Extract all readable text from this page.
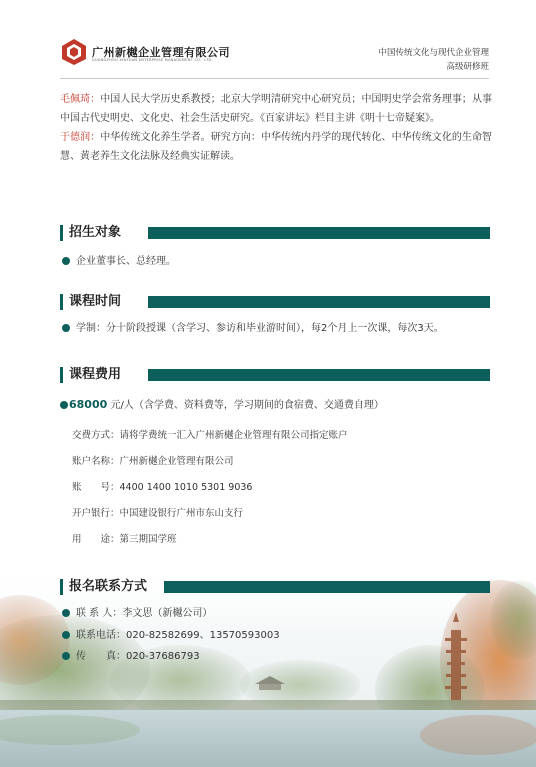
广州新樾企业管理有限公司
GUANGZHOU XINYUAN ENTERPRISE MANAGEMENT CO., LTD.
中国传统文化与现代企业管理
高级研修班

毛佩琦：中国人民大学历史系教授；北京大学明清研究中心研究员；中国明史学会常务理事；从事中国古代史明史、文化史、社会生活史研究。《百家讲坛》栏目主讲《明十七帝疑案》。

于德润：中华传统文化养生学者。研究方向：中华传统内丹学的现代转化、中华传统文化的生命智慧、黄老养生文化法脉及经典实证解读。

招生对象
企业董事长、总经理。
课程时间
学制：分十阶段授课（含学习、参访和毕业游时间），每2个月上一次课，每次3天。
课程费用
68000 元/人（含学费、资料费等，学习期间的食宿费、交通费自理）
交费方式：请将学费统一汇入广州新樾企业管理有限公司指定账户
账户名称：广州新樾企业管理有限公司
账　　号：4400 1400 1010 5301 9036
开户银行：中国建设银行广州市东山支行
用　　途：第三期国学班
报名联系方式
联 系 人：李文思（新樾公司）
联系电话：020-82582699、13570593003
传　　真：020-37686793
